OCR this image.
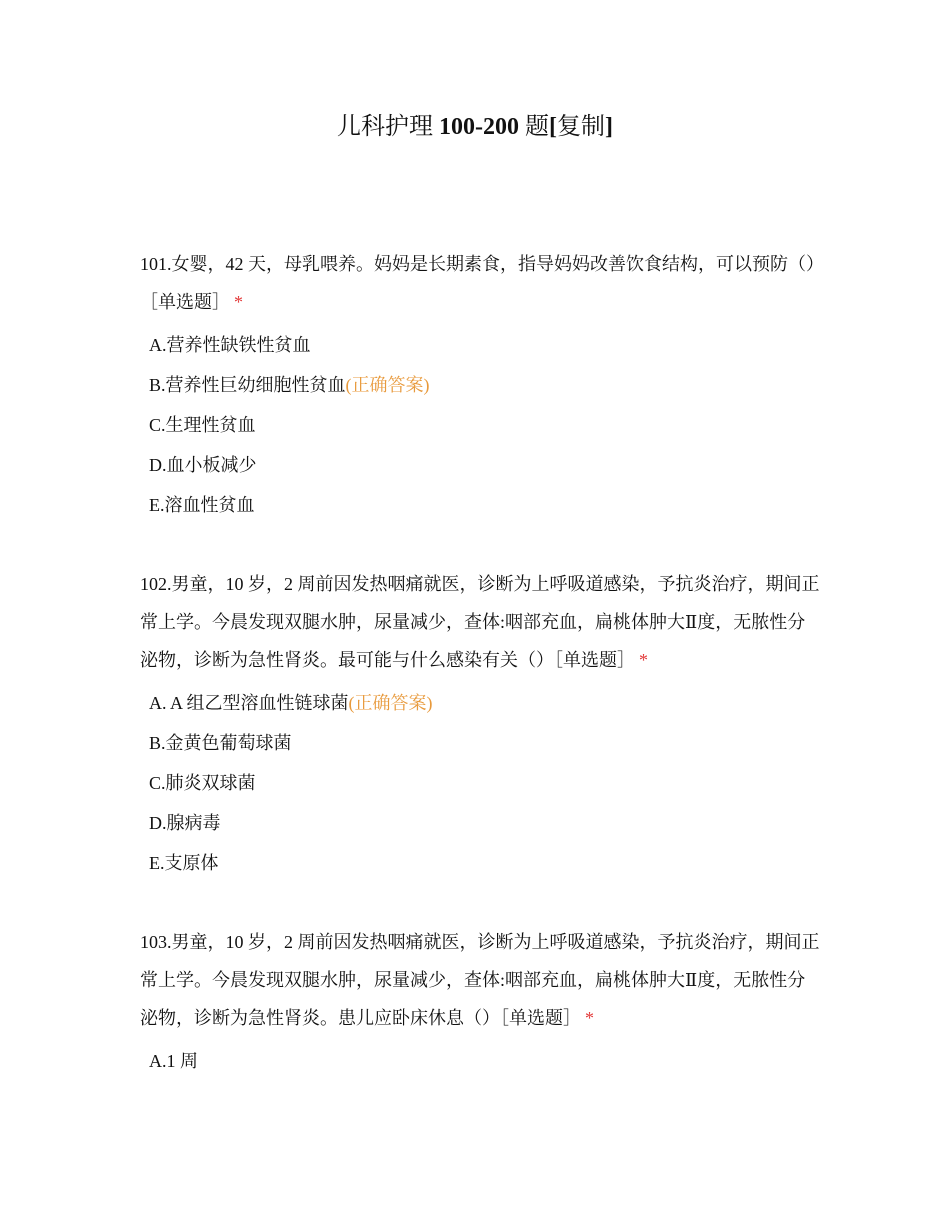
儿科护理 100-200 题[复制]

101.女婴，42 天，母乳喂养。妈妈是长期素食，指导妈妈改善饮食结构，可以预防（）［单选题］ *

A.营养性缺铁性贫血
B.营养性巨幼细胞性贫血(正确答案)
C.生理性贫血
D.血小板减少
E.溶血性贫血

102.男童，10 岁，2 周前因发热咽痛就医，诊断为上呼吸道感染，予抗炎治疗，期间正常上学。今晨发现双腿水肿，尿量减少，查体:咽部充血，扁桃体肿大Ⅱ度，无脓性分泌物，诊断为急性肾炎。最可能与什么感染有关（）［单选题］ *

A. A 组乙型溶血性链球菌(正确答案)
B.金黄色葡萄球菌
C.肺炎双球菌
D.腺病毒
E.支原体

103.男童，10 岁，2 周前因发热咽痛就医，诊断为上呼吸道感染，予抗炎治疗，期间正常上学。今晨发现双腿水肿，尿量减少，查体:咽部充血，扁桃体肿大Ⅱ度，无脓性分泌物，诊断为急性肾炎。患儿应卧床休息（）［单选题］ *

A.1 周
